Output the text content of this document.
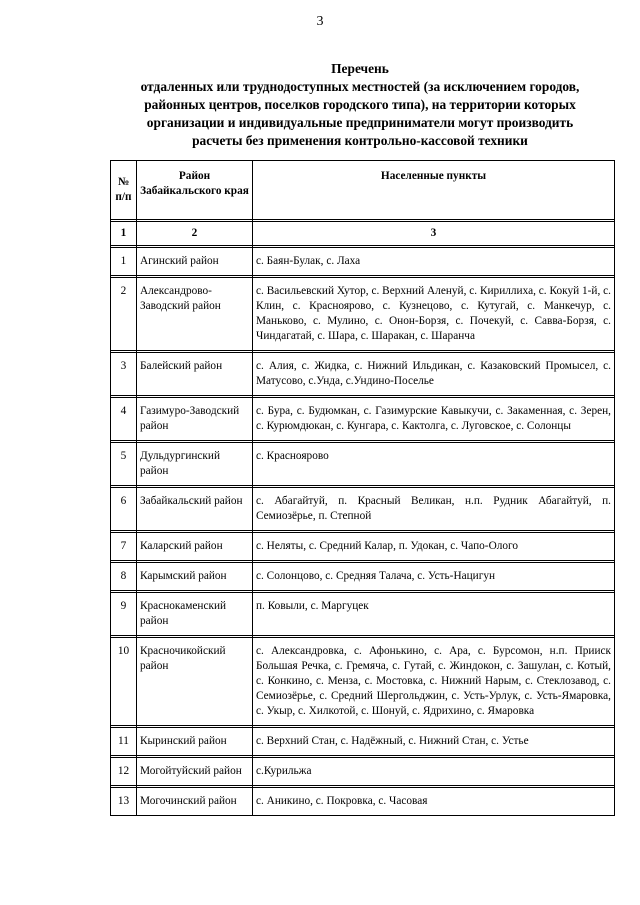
3
Перечень
отдаленных или труднодоступных местностей (за исключением городов,
районных центров, поселков городского типа), на территории которых
организации и индивидуальные предприниматели могут производить
расчеты без применения контрольно-кассовой техники
№ п/п	Район Забайкальского края	Населенные пункты

1	2	3

1	Агинский район	с. Баян-Булак, с. Лаха

2	Александрово-Заводский район	с. Васильевский Хутор, с. Верхний Аленуй, с. Кириллиха, с. Кокуй 1-й, с. Клин, с. Красноярово, с. Кузнецово, с. Кутугай, с. Манкечур, с. Маньково, с. Мулино, с. Онон-Борзя, с. Почекуй, с. Савва-Борзя, с. Чиндагатай, с. Шара, с. Шаракан, с. Шаранча

3	Балейский район	с. Алия, с. Жидка, с. Нижний Ильдикан, с. Казаковский Промысел, с. Матусово, с.Унда, с.Ундино-Поселье

4	Газимуро-Заводский район	с. Бура, с. Будюмкан, с. Газимурские Кавыкучи, с. Закаменная, с. Зерен, с. Курюмдюкан, с. Кунгара, с. Кактолга, с. Луговское, с. Солонцы

5	Дульдургинский район	с. Красноярово

6	Забайкальский район	с. Абагайтуй, п. Красный Великан, н.п. Рудник Абагайтуй, п. Семиозёрье, п. Степной

7	Каларский район	с. Неляты, с. Средний Калар, п. Удокан, с. Чапо-Олого

8	Карымский район	с. Солонцово, с. Средняя Талача, с. Усть-Нацигун

9	Краснокаменский район	п. Ковыли, с. Маргуцек

10	Красночикойский район	с. Александровка, с. Афонькино, с. Ара, с. Бурсомон, н.п. Прииск Большая Речка, с. Гремяча, с. Гутай, с. Жиндокон, с. Зашулан, с. Котый, с. Конкино, с. Менза, с. Мостовка, с. Нижний Нарым, с. Стеклозавод, с. Семиозёрье, с. Средний Шергольджин, с. Усть-Урлук, с. Усть-Ямаровка, с. Укыр, с. Хилкотой, с. Шонуй, с. Ядрихино, с. Ямаровка

11	Кыринский район	с. Верхний Стан, с. Надёжный, с. Нижний Стан, с. Устье

12	Могойтуйский район	с.Курильжа

13	Могочинский район	с. Аникино, с. Покровка, с. Часовая
